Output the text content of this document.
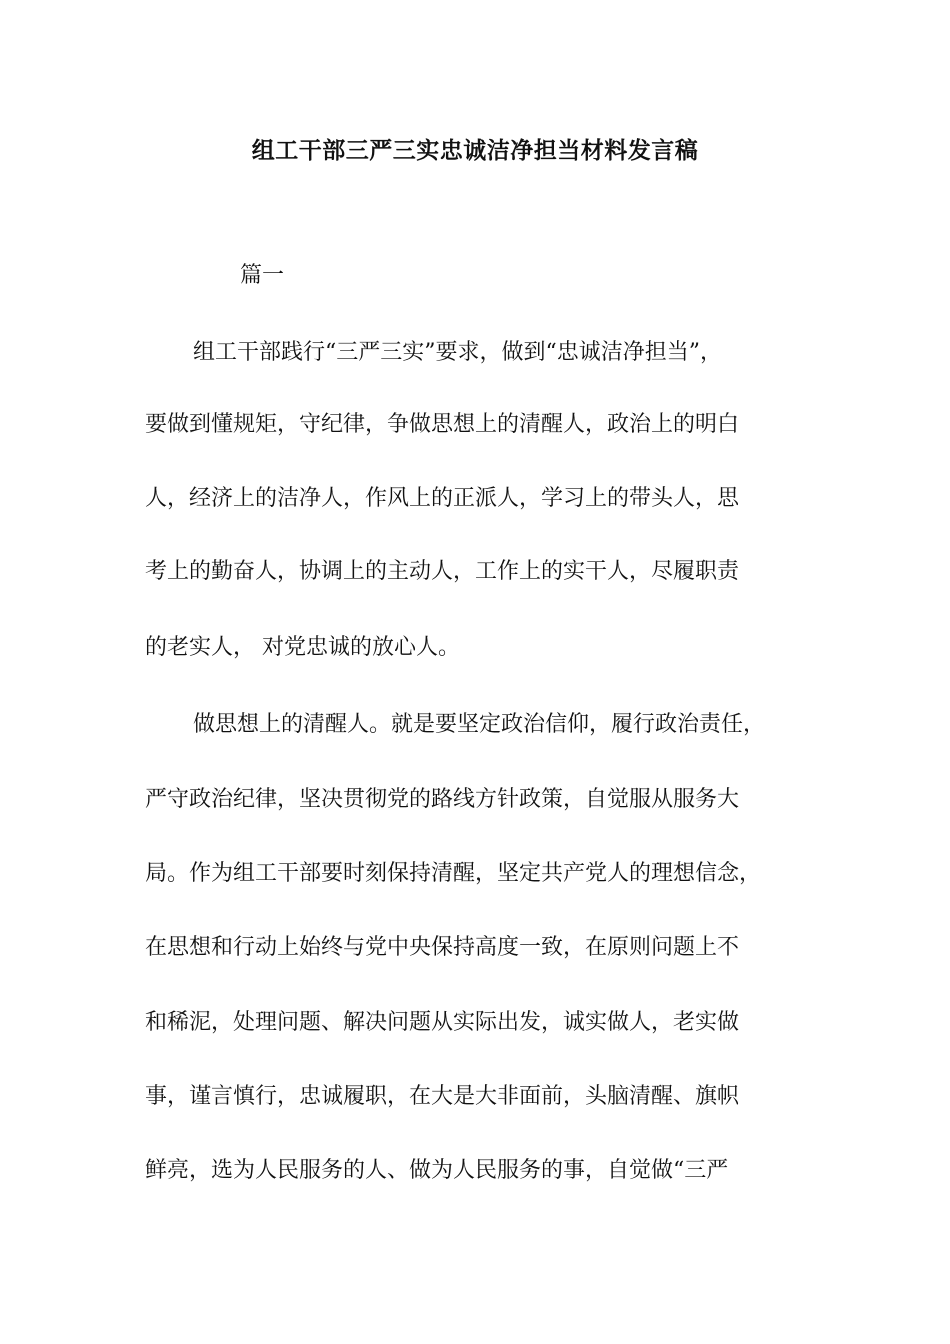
组工干部三严三实忠诚洁净担当材料发言稿

篇一

组工干部践行“三严三实”要求，做到“忠诚洁净担当”，

要做到懂规矩，守纪律，争做思想上的清醒人，政治上的明白

人，经济上的洁净人，作风上的正派人，学习上的带头人，思

考上的勤奋人，协调上的主动人，工作上的实干人，尽履职责

的老实人， 对党忠诚的放心人。

做思想上的清醒人。就是要坚定政治信仰，履行政治责任，

严守政治纪律，坚决贯彻党的路线方针政策，自觉服从服务大

局。作为组工干部要时刻保持清醒，坚定共产党人的理想信念，

在思想和行动上始终与党中央保持高度一致，在原则问题上不

和稀泥，处理问题、解决问题从实际出发，诚实做人，老实做

事，谨言慎行，忠诚履职，在大是大非面前，头脑清醒、旗帜

鲜亮，选为人民服务的人、做为人民服务的事，自觉做“三严
